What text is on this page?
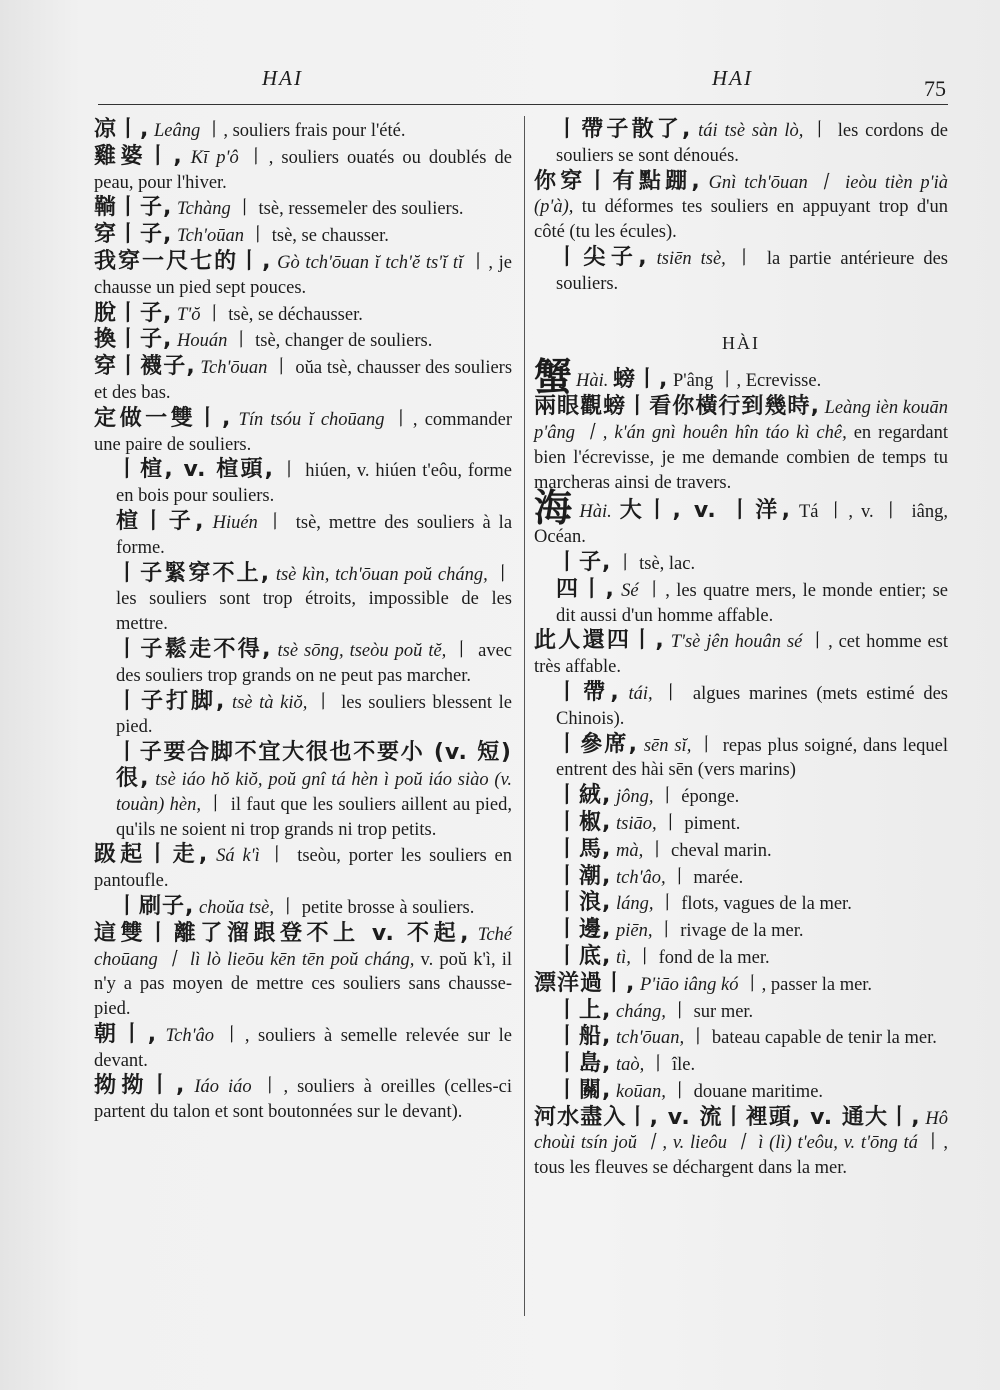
HAI	HAI	75
凉丨, Leâng 丨, souliers frais pour l'été.
雞婆丨, Kī p'ô 丨, souliers ouatés ou doublés de peau, pour l'hiver.
鞝丨子, Tchàng 丨 tsè, ressemeler des souliers.
穿丨子, Tch'oūan 丨 tsè, se chausser.
我穿一尺七的丨, Gò tch'ōuan ĭ tch'ĕ ts'ĭ tĭ 丨, je chausse un pied sept pouces.
脫丨子, T'ŏ 丨 tsè, se déchausser.
換丨子, Houán 丨 tsè, changer de souliers.
穿丨襪子, Tch'ōuan 丨 oŭa tsè, chausser des souliers et des bas.
定做一雙丨, Tín tsóu ĭ choūang 丨, commander une paire de souliers.
丨楦, v. 楦頭, 丨 hiúen, v. hiúen t'eôu, forme en bois pour souliers.
楦丨子, Hiuén 丨 tsè, mettre des souliers à la forme.
丨子緊穿不上, tsè kìn, tch'ōuan poŭ cháng, 丨 les souliers sont trop étroits, impossible de les mettre.
丨子鬆走不得, tsè sōng, tseòu poŭ tĕ, 丨 avec des souliers trop grands on ne peut pas marcher.
丨子打脚, tsè tà kiŏ, 丨 les souliers blessent le pied.
丨子要合脚不宜大很也不要小 (v. 短) 很, tsè iáo hŏ kiŏ, poŭ gnî tá hèn ì poŭ iáo siào (v. touàn) hèn, 丨 il faut que les souliers aillent au pied, qu'ils ne soient ni trop grands ni trop petits.
趿起丨走, Sá k'ì 丨 tseòu, porter les souliers en pantoufle.
丨刷子, choŭa tsè, 丨 petite brosse à souliers.
這雙丨離了溜跟登不上 v. 不起, Tché choūang 丨 lì lò lieōu kēn tēn poŭ cháng, v. poŭ k'ì, il n'y a pas moyen de mettre ces souliers sans chausse-pied.
朝丨, Tch'âo 丨, souliers à semelle relevée sur le devant.
拗拗丨, Iáo iáo 丨, souliers à oreilles (celles-ci partent du talon et sont boutonnées sur le devant).
丨帶子散了, tái tsè sàn lò, 丨 les cordons de souliers se sont dénoués.
你穿丨有點𨂃, Gnì tch'ōuan 丨 ieòu tièn p'ià (p'à), tu déformes tes souliers en appuyant trop d'un côté (tu les écules).
丨尖子, tsiēn tsè, 丨 la partie antérieure des souliers.
HÀI
蟹 Hài. 螃丨, P'âng 丨, Ecrevisse.
兩眼觀螃丨看你橫行到幾時, Leàng ièn kouān p'âng 丨, k'án gnì houên hîn táo kì chê, en regardant bien l'écrevisse, je me demande combien de temps tu marcheras ainsi de travers.
海 Hài. 大丨, v. 丨洋, Tá 丨, v. 丨 iâng, Océan.
丨子, 丨 tsè, lac.
四丨, Sé 丨, les quatre mers, le monde entier; se dit aussi d'un homme affable.
此人還四丨, T'sè jên houân sé 丨, cet homme est très affable.
丨帶, tái, 丨 algues marines (mets estimé des Chinois).
丨參席, sēn sĭ, 丨 repas plus soigné, dans lequel entrent des hài sēn (vers marins)
丨絨, jông, 丨 éponge.
丨椒, tsiāo, 丨 piment.
丨馬, mà, 丨 cheval marin.
丨潮, tch'âo, 丨 marée.
丨浪, láng, 丨 flots, vagues de la mer.
丨邊, piēn, 丨 rivage de la mer.
丨底, tì, 丨 fond de la mer.
漂洋過丨, P'iāo iâng kó 丨, passer la mer.
丨上, cháng, 丨 sur mer.
丨船, tch'ōuan, 丨 bateau capable de tenir la mer.
丨島, taò, 丨 île.
丨關, koūan, 丨 douane maritime.
河水盡入丨, v. 流丨裡頭, v. 通大丨, Hô choùi tsín joŭ 丨, v. lieôu 丨 ì (lì) t'eôu, v. t'ōng tá 丨, tous les fleuves se déchargent dans la mer.
